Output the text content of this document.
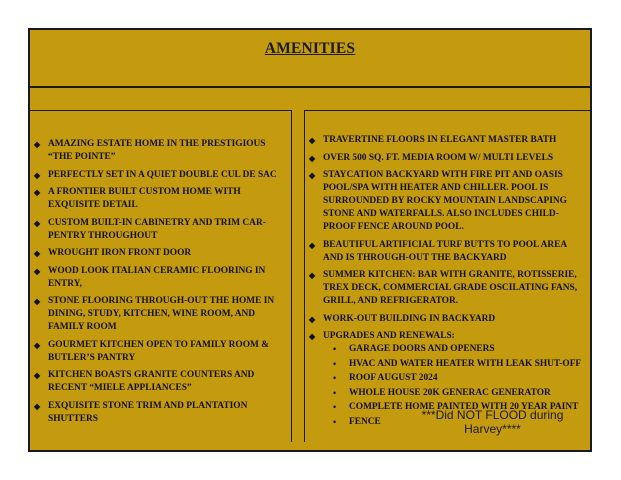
AMENITIES
◆ AMAZING ESTATE HOME IN THE PRESTIGIOUS “THE POINTE”
◆ PERFECTLY SET IN A QUIET DOUBLE CUL DE SAC
◆ A FRONTIER BUILT CUSTOM HOME WITH EXQUISITE DETAIL
◆ CUSTOM BUILT-IN CABINETRY AND TRIM CAR-PENTRY THROUGHOUT
◆ WROUGHT IRON FRONT DOOR
◆ WOOD LOOK ITALIAN CERAMIC FLOORING IN ENTRY,
◆ STONE FLOORING THROUGH-OUT THE HOME IN DINING, STUDY, KITCHEN, WINE ROOM, AND FAMILY ROOM
◆ GOURMET KITCHEN OPEN TO FAMILY ROOM & BUTLER’S PANTRY
◆ KITCHEN BOASTS GRANITE COUNTERS AND RECENT “MIELE APPLIANCES”
◆ EXQUISITE STONE TRIM AND PLANTATION SHUTTERS
◆ TRAVERTINE FLOORS IN ELEGANT MASTER BATH
◆ OVER 500 SQ. FT. MEDIA ROOM W/ MULTI LEVELS
◆ STAYCATION BACKYARD WITH FIRE PIT AND OASIS POOL/SPA WITH HEATER AND CHILLER. POOL IS SURROUNDED BY ROCKY MOUNTAIN LANDSCAPING STONE AND WATERFALLS. ALSO INCLUDES CHILD-PROOF FENCE AROUND POOL.
◆ BEAUTIFUL ARTIFICIAL TURF BUTTS TO POOL AREA AND IS THROUGH-OUT THE BACKYARD
◆ SUMMER KITCHEN: BAR WITH GRANITE, ROTISSERIE, TREX DECK, COMMERCIAL GRADE OSCILATING FANS, GRILL, AND REFRIGERATOR.
◆ WORK-OUT BUILDING IN BACKYARD
◆ UPGRADES AND RENEWALS:
• GARAGE DOORS AND OPENERS
• HVAC AND WATER HEATER WITH LEAK SHUT-OFF
• ROOF AUGUST 2024
• WHOLE HOUSE 20K GENERAC GENERATOR
• COMPLETE HOME PAINTED WITH 20 YEAR PAINT
• FENCE	***Did NOT FLOOD during Harvey****
